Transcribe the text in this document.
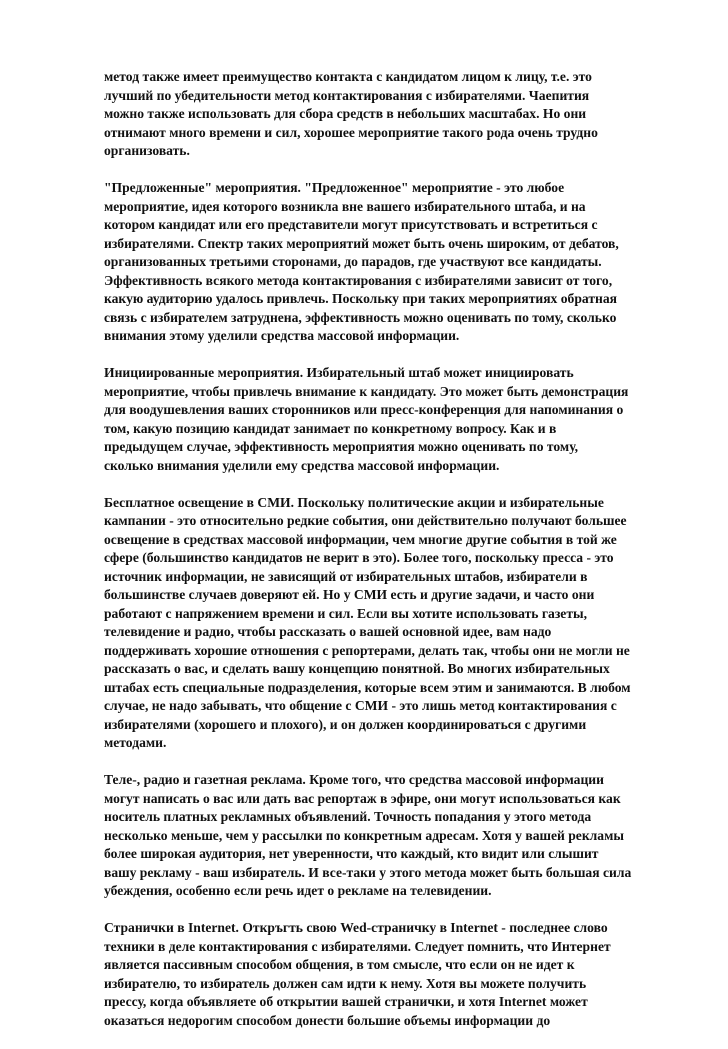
метод также имеет преимущество контакта с кандидатом лицом к лицу, т.е. это
лучший по убедительности метод контактирования с избирателями. Чаепития
можно также использовать для сбора средств в небольших масштабах. Но они
отнимают много времени и сил, хорошее мероприятие такого рода очень трудно
организовать.
"Предложенные" мероприятия. "Предложенное" мероприятие - это любое
мероприятие, идея которого возникла вне вашего избирательного штаба, и на
котором кандидат или его представители могут присутствовать и встретиться с
избирателями. Спектр таких мероприятий может быть очень широким, от дебатов,
организованных третьими сторонами, до парадов, где участвуют все кандидаты.
Эффективность всякого метода контактирования с избирателями зависит от того,
какую аудиторию удалось привлечь. Поскольку при таких мероприятиях обратная
связь с избирателем затруднена, эффективность можно оценивать по тому, сколько
внимания этому уделили средства массовой информации.
Инициированные мероприятия. Избирательный штаб может инициировать
мероприятие, чтобы привлечь внимание к кандидату. Это может быть демонстрация
для воодушевления ваших сторонников или пресс-конференция для напоминания о
том, какую позицию кандидат занимает по конкретному вопросу. Как и в
предыдущем случае, эффективность мероприятия можно оценивать по тому,
сколько внимания уделили ему средства массовой информации.
Бесплатное освещение в СМИ. Поскольку политические акции и избирательные
кампании - это относительно редкие события, они действительно получают большее
освещение в средствах массовой информации, чем многие другие события в той же
сфере (большинство кандидатов не верит в это). Более того, поскольку пресса - это
источник информации, не зависящий от избирательных штабов, избиратели в
большинстве случаев доверяют ей. Но у СМИ есть и другие задачи, и часто они
работают с напряжением времени и сил. Если вы хотите использовать газеты,
телевидение и радио, чтобы рассказать о вашей основной идее, вам надо
поддерживать хорошие отношения с репортерами, делать так, чтобы они не могли не
рассказать о вас, и сделать вашу концепцию понятной. Во многих избирательных
штабах есть специальные подразделения, которые всем этим и занимаются. В любом
случае, не надо забывать, что общение с СМИ - это лишь метод контактирования с
избирателями (хорошего и плохого), и он должен координироваться с другими
методами.
Теле-, радио и газетная реклама. Кроме того, что средства массовой информации
могут написать о вас или дать вас репортаж в эфире, они могут использоваться как
носитель платных рекламных объявлений. Точность попадания у этого метода
несколько меньше, чем у рассылки по конкретным адресам. Хотя у вашей рекламы
более широкая аудитория, нет уверенности, что каждый, кто видит или слышит
вашу рекламу - ваш избиратель. И все-таки у этого метода может быть большая сила
убеждения, особенно если речь идет о рекламе на телевидении.
Странички в Internet. Откръгть свою Wed-страничку в Internet - последнее слово
техники в деле контактирования с избирателями. Следует помнить, что Интернет
является пассивным способом общения, в том смысле, что если он не идет к
избирателю, то избиратель должен сам идти к нему. Хотя вы можете получить
прессу, когда объявляете об открытии вашей странички, и хотя Internet может
оказаться недорогим способом донести большие объемы информации до
